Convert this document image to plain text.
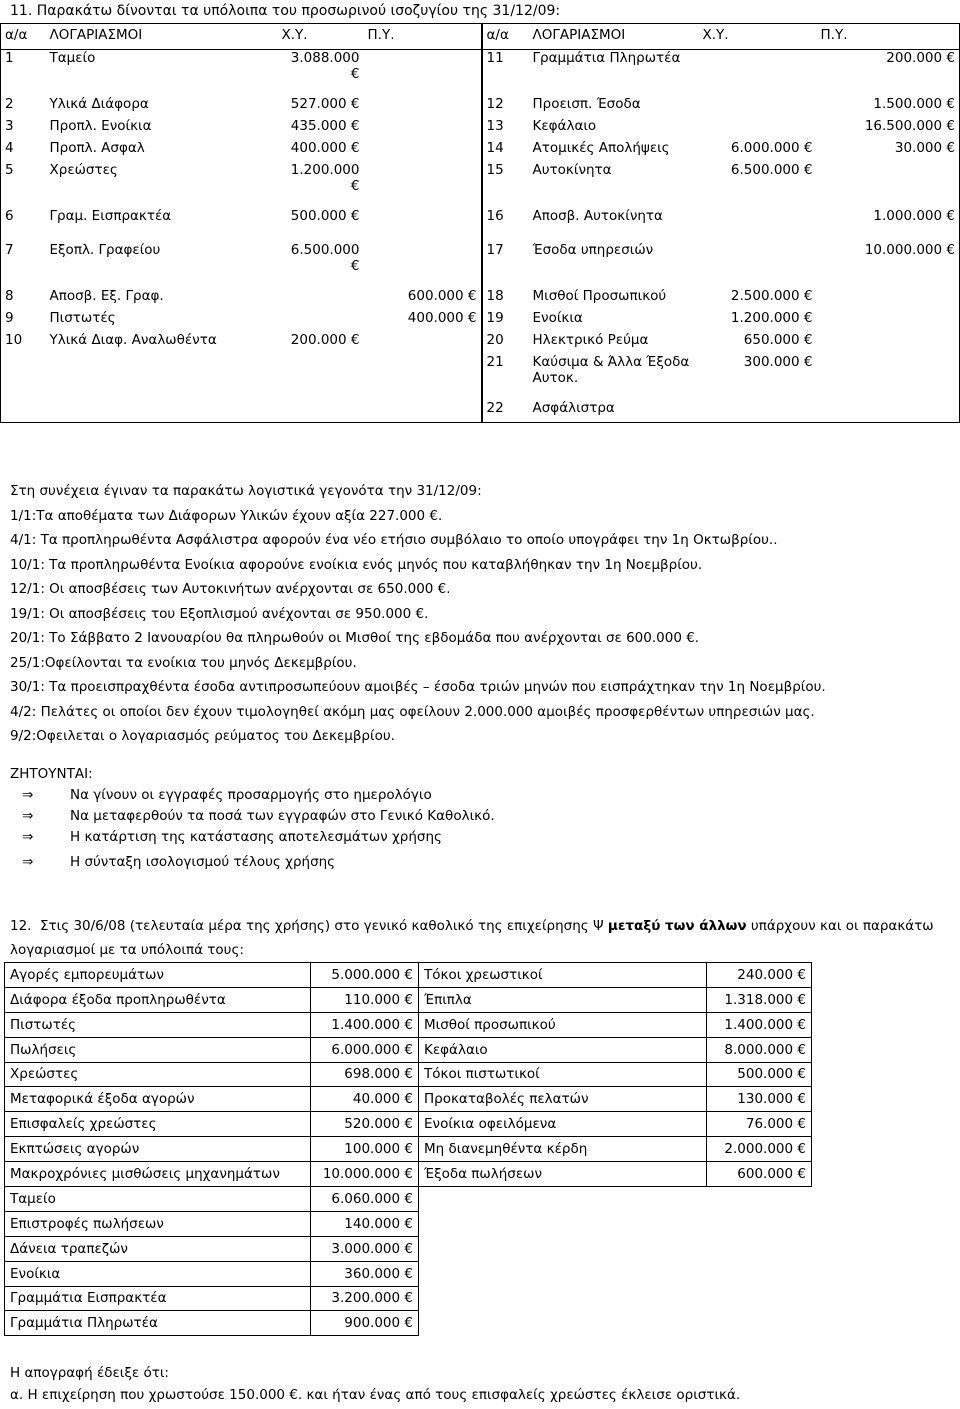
11. Παρακάτω δίνονται τα υπόλοιπα του προσωρινού ισοζυγίου της 31/12/09:
α/α	ΛΟΓΑΡΙΑΣΜΟΙ	Χ.Υ.	Π.Υ.	α/α	ΛΟΓΑΡΙΑΣΜΟΙ	Χ.Υ.	Π.Υ.
1	Ταμείο	3.088.000 €		11	Γραμμάτια Πληρωτέα		200.000 €
2	Υλικά Διάφορα	527.000 €		12	Προεισπ. Έσοδα		1.500.000 €
3	Προπλ. Ενοίκια	435.000 €		13	Κεφάλαιο		16.500.000 €
4	Προπλ. Ασφαλ	400.000 €		14	Ατομικές Απολήψεις	6.000.000 €	30.000 €
5	Χρεώστες	1.200.000 €		15	Αυτοκίνητα	6.500.000 €	
6	Γραμ. Εισπρακτέα	500.000 €		16	Αποσβ. Αυτοκίνητα		1.000.000 €

7	Εξοπλ. Γραφείου	6.500.000 €		17	Έσοδα υπηρεσιών		10.000.000 €
8	Αποσβ. Εξ. Γραφ.		600.000 €	18	Μισθοί Προσωπικού	2.500.000 €	
9	Πιστωτές		400.000 €	19	Ενοίκια	1.200.000 €	
10	Υλικά Διαφ. Αναλωθέντα	200.000 €		20	Ηλεκτρικό Ρεύμα	650.000 €	
				21	Καύσιμα & Άλλα Έξοδα Αυτοκ.	300.000 €	
				22	Ασφάλιστρα		
Στη συνέχεια έγιναν τα παρακάτω λογιστικά γεγονότα την 31/12/09:
1/1:Τα αποθέματα των Διάφορων Υλικών έχουν αξία 227.000 €.
4/1: Τα προπληρωθέντα Ασφάλιστρα αφορούν ένα νέο ετήσιο συμβόλαιο το οποίο υπογράφει την 1η Οκτωβρίου..
10/1: Τα προπληρωθέντα Ενοίκια αφορούνε ενοίκια ενός μηνός που καταβλήθηκαν την 1η Νοεμβρίου.
12/1: Οι αποσβέσεις των Αυτοκινήτων ανέρχονται σε 650.000 €.
19/1: Οι αποσβέσεις του Εξοπλισμού ανέχονται σε 950.000 €.
20/1: Το Σάββατο 2 Ιανουαρίου θα πληρωθούν οι Μισθοί της εβδομάδα που ανέρχονται σε 600.000 €.
25/1:Οφείλονται τα ενοίκια του μηνός Δεκεμβρίου.
30/1: Τα προεισπραχθέντα έσοδα αντιπροσωπεύουν αμοιβές – έσοδα τριών μηνών που εισπράχτηκαν την 1η Νοεμβρίου.
4/2: Πελάτες οι οποίοι δεν έχουν τιμολογηθεί ακόμη μας οφείλουν 2.000.000 αμοιβές προσφερθέντων υπηρεσιών μας.
9/2:Οφειλεται ο λογαριασμός ρεύματος του Δεκεμβρίου.
ΖΗΤΟΥΝΤΑΙ:
⇒	Να γίνουν οι εγγραφές προσαρμογής στο ημερολόγιο
⇒	Να μεταφερθούν τα ποσά των εγγραφών στο Γενικό Καθολικό.
⇒	Η κατάρτιση της κατάστασης αποτελεσμάτων χρήσης
⇒	Η σύνταξη ισολογισμού τέλους χρήσης
12. Στις 30/6/08 (τελευταία μέρα της χρήσης) στο γενικό καθολικό της επιχείρησης Ψ μεταξύ των άλλων υπάρχουν και οι παρακάτω λογαριασμοί με τα υπόλοιπά τους:
Αγορές εμπορευμάτων	5.000.000 €	Τόκοι χρεωστικοί	240.000 €
Διάφορα έξοδα προπληρωθέντα	110.000 €	Έπιπλα	1.318.000 €
Πιστωτές	1.400.000 €	Μισθοί προσωπικού	1.400.000 €
Πωλήσεις	6.000.000 €	Κεφάλαιο	8.000.000 €
Χρεώστες	698.000 €	Τόκοι πιστωτικοί	500.000 €
Μεταφορικά έξοδα αγορών	40.000 €	Προκαταβολές πελατών	130.000 €
Επισφαλείς χρεώστες	520.000 €	Ενοίκια οφειλόμενα	76.000 €
Εκπτώσεις αγορών	100.000 €	Μη διανεμηθέντα κέρδη	2.000.000 €
Μακροχρόνιες μισθώσεις μηχανημάτων	10.000.000 €	Έξοδα πωλήσεων	600.000 €
Ταμείο	6.060.000 €		
Επιστροφές πωλήσεων	140.000 €		
Δάνεια τραπεζών	3.000.000 €		
Ενοίκια	360.000 €		
Γραμμάτια Εισπρακτέα	3.200.000 €		
Γραμμάτια Πληρωτέα	900.000 €		
Η απογραφή έδειξε ότι:
α. Η επιχείρηση που χρωστούσε 150.000 €. και ήταν ένας από τους επισφαλείς χρεώστες έκλεισε οριστικά.
